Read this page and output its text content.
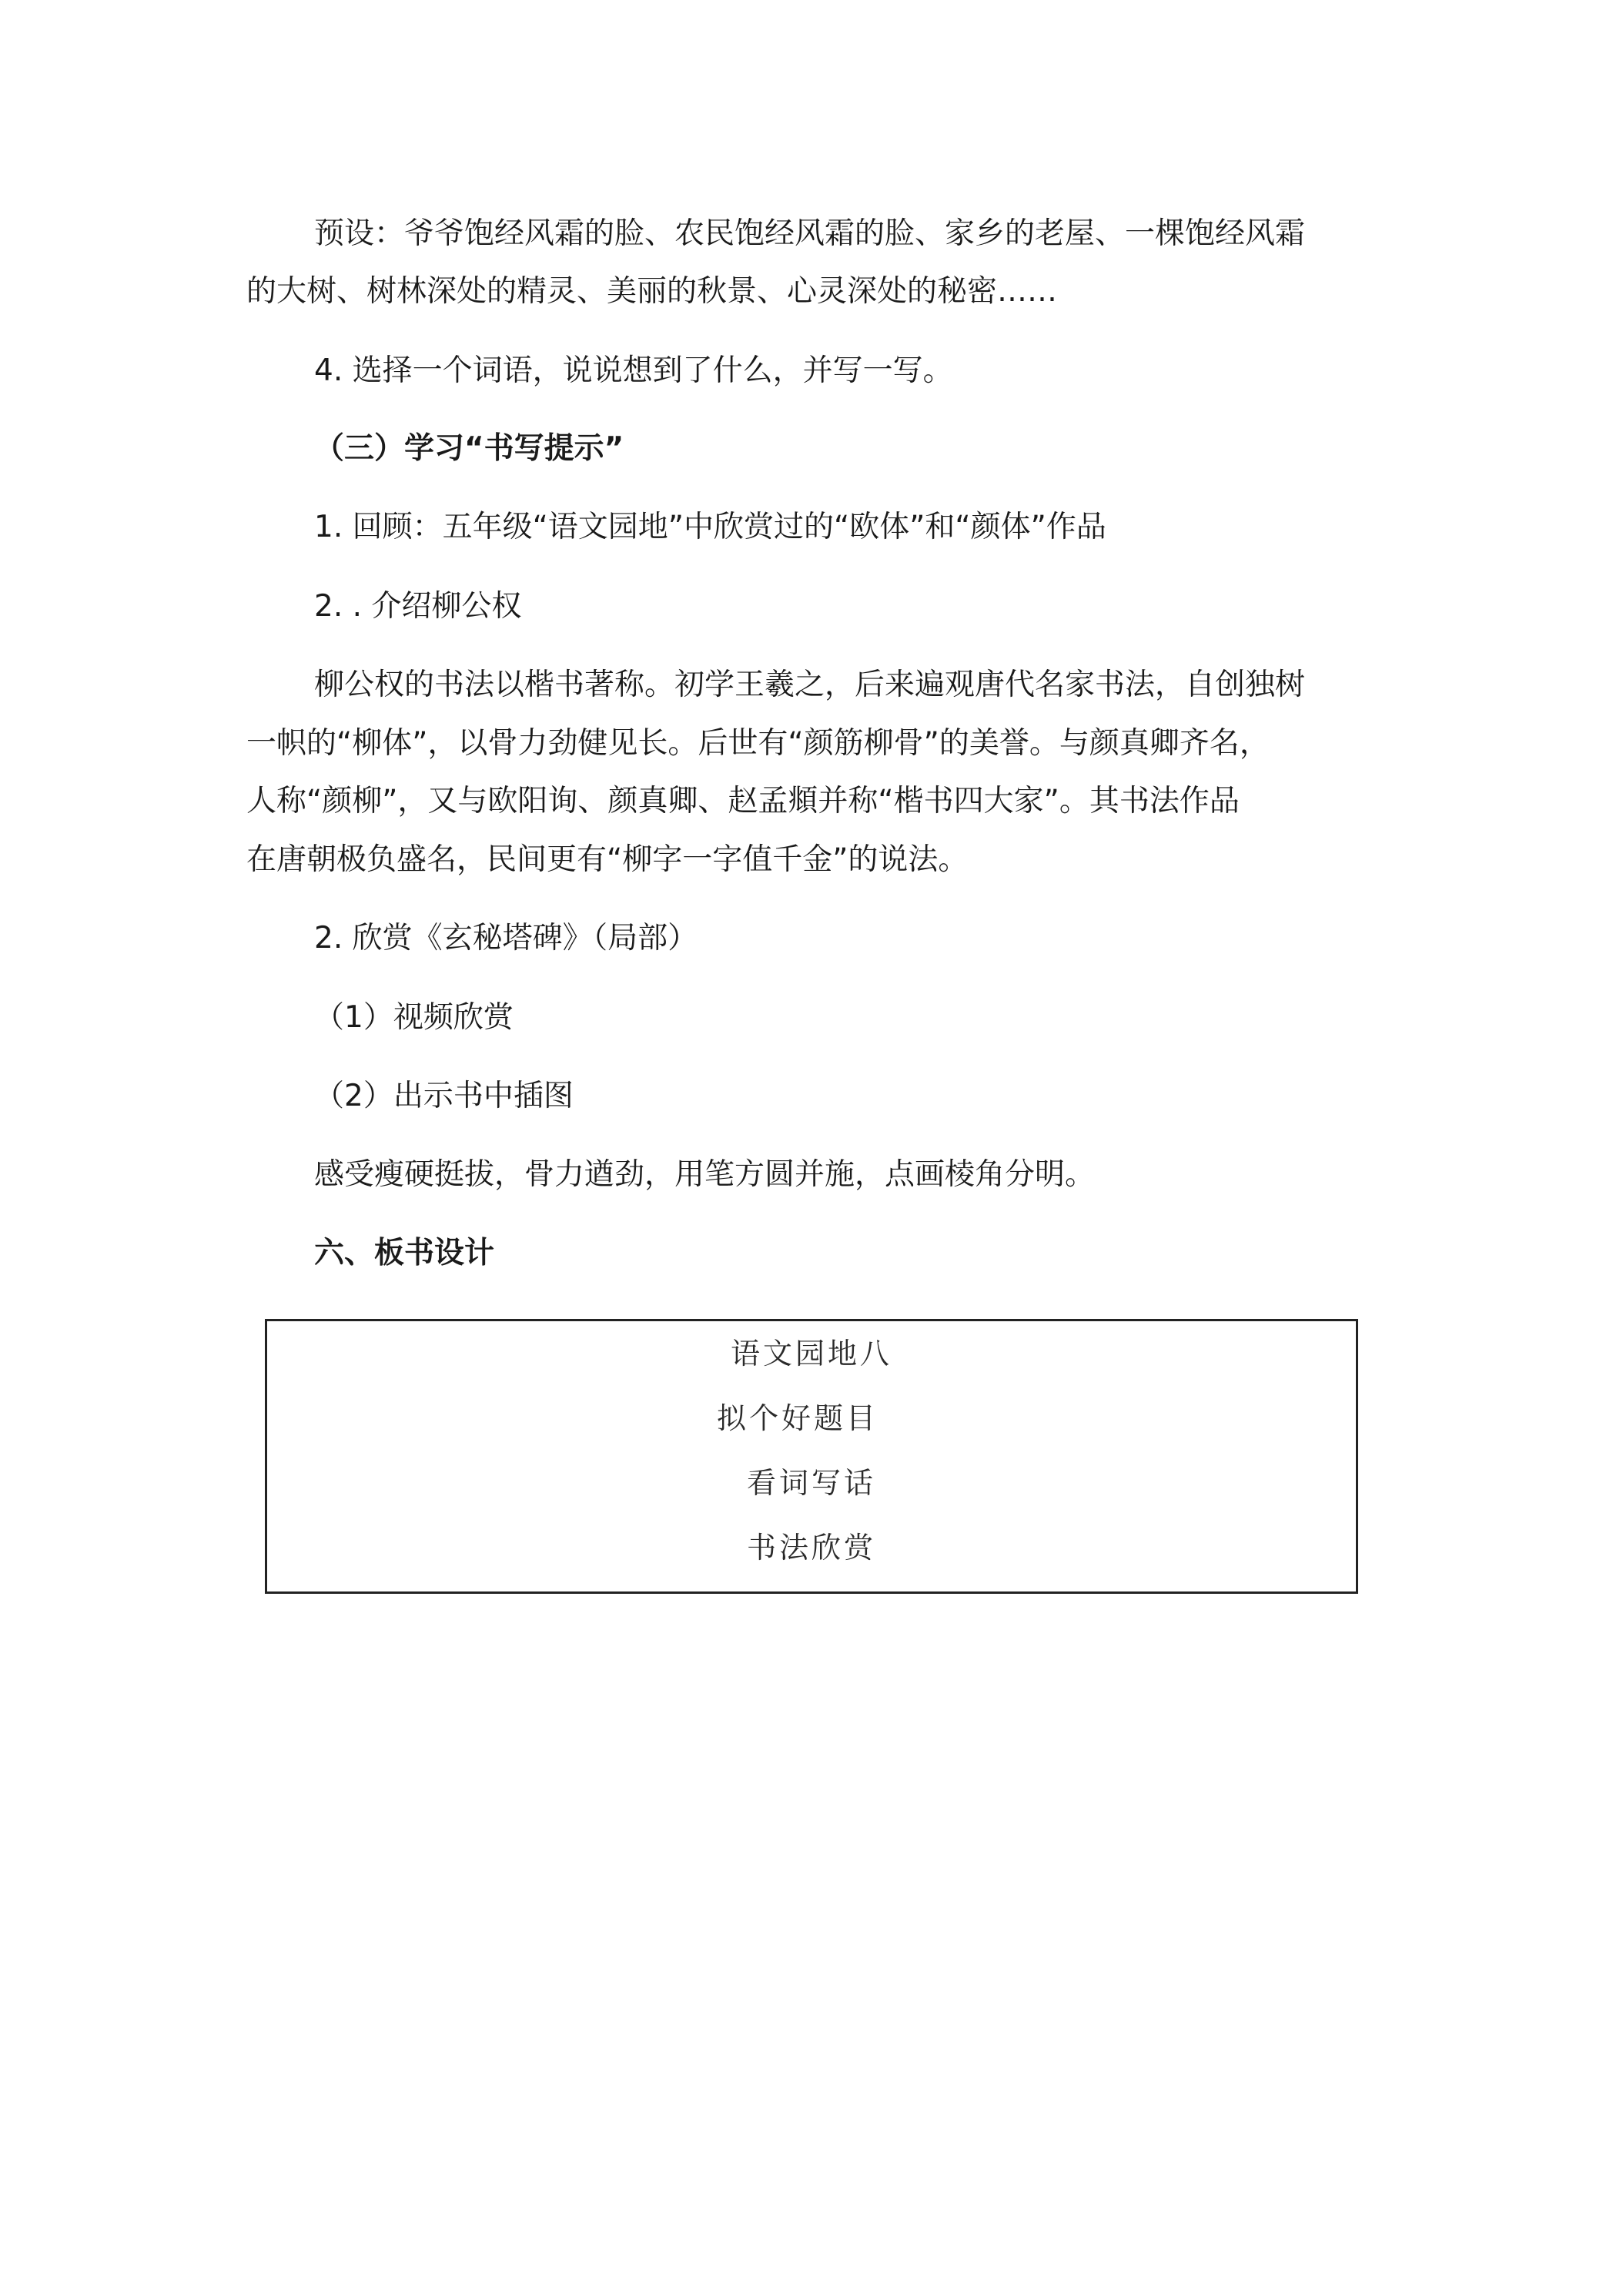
预设：爷爷饱经风霜的脸、农民饱经风霜的脸、家乡的老屋、一棵饱经风霜
的大树、树林深处的精灵、美丽的秋景、心灵深处的秘密……
4. 选择一个词语，说说想到了什么，并写一写。
（三）学习“书写提示”
1. 回顾：五年级“语文园地”中欣赏过的“欧体”和“颜体”作品
2. . 介绍柳公权
柳公权的书法以楷书著称。初学王羲之，后来遍观唐代名家书法，自创独树
一帜的“柳体”，以骨力劲健见长。后世有“颜筋柳骨”的美誉。与颜真卿齐名，
人称“颜柳”，又与欧阳询、颜真卿、赵孟頫并称“楷书四大家”。其书法作品
在唐朝极负盛名，民间更有“柳字一字值千金”的说法。
2. 欣赏《玄秘塔碑》（局部）
（1）视频欣赏
（2）出示书中插图
感受瘦硬挺拔，骨力遒劲，用笔方圆并施，点画棱角分明。
六、板书设计
语文园地八
拟个好题目
看词写话
书法欣赏
